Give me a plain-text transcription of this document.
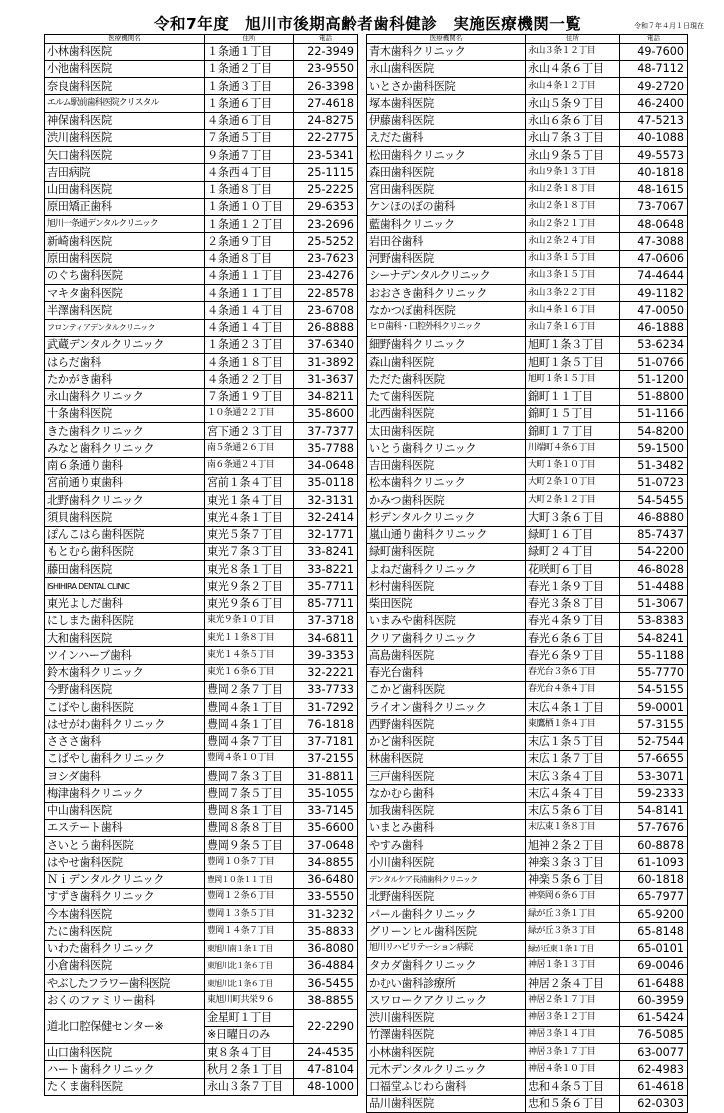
令和7年度　旭川市後期高齢者歯科健診　実施医療機関一覧	令和７年４月１日現在
医療機関名	住所	電話
小林歯科医院	１条通１丁目	22-3949
小池歯科医院	１条通２丁目	23-9550
奈良歯科医院	１条通３丁目	26-3398
エルム駅前歯科医院クリスタル	１条通６丁目	27-4618
神保歯科医院	４条通６丁目	24-8275
渋川歯科医院	７条通５丁目	22-2775
矢口歯科医院	９条通７丁目	23-5341
吉田病院	４条西４丁目	25-1115
山田歯科医院	１条通８丁目	25-2225
原田矯正歯科	１条通１０丁目	29-6353
旭川一条通デンタルクリニック	１条通１２丁目	23-2696
新崎歯科医院	２条通９丁目	25-5252
原田歯科医院	４条通８丁目	23-7623
のぐち歯科医院	４条通１１丁目	23-4276
マキタ歯科医院	４条通１１丁目	22-8578
半澤歯科医院	４条通１４丁目	23-6708
フロンティアデンタルクリニック	４条通１４丁目	26-8888
武蔵デンタルクリニック	１条通２３丁目	37-6340
はらだ歯科	４条通１８丁目	31-3892
たかがき歯科	４条通２２丁目	31-3637
永山歯科クリニック	７条通１９丁目	34-8211
十条歯科医院	１０条通２２丁目	35-8600
きた歯科クリニック	宮下通２３丁目	37-7377
みなと歯科クリニック	南５条通２６丁目	35-7788
南６条通り歯科	南６条通２４丁目	34-0648
宮前通り東歯科	宮前１条４丁目	35-0118
北野歯科クリニック	東光１条４丁目	32-3131
須貝歯科医院	東光４条１丁目	32-2414
ぽんこはら歯科医院	東光５条７丁目	32-1771
もとむら歯科医院	東光７条３丁目	33-8241
藤田歯科医院	東光８条１丁目	33-8221
ISHIHIRA DENTAL CLINIC	東光９条２丁目	35-7711
東光よしだ歯科	東光９条６丁目	85-7711
にしまた歯科医院	東光９条１０丁目	37-3718
大和歯科医院	東光１１条８丁目	34-6811
ツインハーブ歯科	東光１４条５丁目	39-3353
鈴木歯科クリニック	東光１６条６丁目	32-2221
今野歯科医院	豊岡２条７丁目	33-7733
こばやし歯科医院	豊岡４条１丁目	31-7292
はせがわ歯科クリニック	豊岡４条１丁目	76-1818
さささ歯科	豊岡４条７丁目	37-7181
こばやし歯科クリニック	豊岡４条１０丁目	37-2155
ヨシダ歯科	豊岡７条３丁目	31-8811
梅津歯科クリニック	豊岡７条５丁目	35-1055
中山歯科医院	豊岡８条１丁目	33-7145
エステート歯科	豊岡８条８丁目	35-6600
さいとう歯科医院	豊岡９条５丁目	37-0648
はやせ歯科医院	豊岡１０条７丁目	34-8855
Ｎｉデンタルクリニック	豊岡１０条１１丁目	36-6480
すずき歯科クリニック	豊岡１２条６丁目	33-5550
今本歯科医院	豊岡１３条５丁目	31-3232
たに歯科医院	豊岡１４条７丁目	35-8833
いわた歯科クリニック	東旭川南１条１丁目	36-8080
小倉歯科医院	東旭川北１条６丁目	36-4884
やぶしたフラワー歯科医院	東旭川北１条６丁目	36-5455
おくのファミリー歯科	東旭川町共栄９６	38-8855
道北口腔保健センター※	金星町１丁目	22-2290
	※日曜日のみ	
山口歯科医院	東８条４丁目	24-4535
ハート歯科クリニック	秋月２条１丁目	47-8104
たくま歯科医院	永山３条７丁目	48-1000
医療機関名	住所	電話
青木歯科クリニック	永山３条１２丁目	49-7600
永山歯科医院	永山４条６丁目	48-7112
いとさか歯科医院	永山４条１２丁目	49-2720
塚本歯科医院	永山５条９丁目	46-2400
伊藤歯科医院	永山６条６丁目	47-5213
えだた歯科	永山７条３丁目	40-1088
松田歯科クリニック	永山９条５丁目	49-5573
森田歯科医院	永山９条１３丁目	40-1818
宮田歯科医院	永山２条１８丁目	48-1615
ケンほのぼの歯科	永山２条１８丁目	73-7067
藍歯科クリニック	永山２条２１丁目	48-0648
岩田谷歯科	永山２条２４丁目	47-3088
河野歯科医院	永山３条１５丁目	47-0606
シーナデンタルクリニック	永山３条１５丁目	74-4644
おおさき歯科クリニック	永山３条２２丁目	49-1182
なかつぼ歯科医院	永山４条１６丁目	47-0050
ヒロ歯科・口腔外科クリニック	永山７条１６丁目	46-1888
細野歯科クリニック	旭町１条３丁目	53-6234
森山歯科医院	旭町１条５丁目	51-0766
ただた歯科医院	旭町１条１５丁目	51-1200
たて歯科医院	錦町１１丁目	51-8800
北西歯科医院	錦町１５丁目	51-1166
太田歯科医院	錦町１７丁目	54-8200
いとう歯科クリニック	川端町４条６丁目	59-1500
吉田歯科医院	大町１条１０丁目	51-3482
松本歯科クリニック	大町２条１０丁目	51-0723
かみつ歯科医院	大町２条１２丁目	54-5455
杉デンタルクリニック	大町３条６丁目	46-8880
嵐山通り歯科クリニック	緑町１６丁目	85-7437
緑町歯科医院	緑町２４丁目	54-2200
よねだ歯科クリニック	花咲町６丁目	46-8028
杉村歯科医院	春光１条９丁目	51-4488
柴田医院	春光３条８丁目	51-3067
いまみや歯科医院	春光４条９丁目	53-8383
クリア歯科クリニック	春光６条６丁目	54-8241
高島歯科医院	春光６条９丁目	55-1188
春光台歯科	春光台３条６丁目	55-7770
こかど歯科医院	春光台４条４丁目	54-5155
ライオン歯科クリニック	末広４条１丁目	59-0001
西野歯科医院	東鷹栖１条４丁目	57-3155
かど歯科医院	末広１条５丁目	52-7544
林歯科医院	末広１条７丁目	57-6655
三戸歯科医院	末広３条４丁目	53-3071
なかむら歯科	末広４条４丁目	59-2333
加我歯科医院	末広５条６丁目	54-8141
いまとみ歯科	末広東１条８丁目	57-7676
やすみ歯科	旭神２条２丁目	60-8878
小川歯科医院	神楽３条３丁目	61-1093
デンタルケア長浦歯科クリニック	神楽５条６丁目	60-1818
北野歯科医院	神楽岡６条６丁目	65-7977
パール歯科クリニック	緑が丘３条１丁目	65-9200
グリーンヒル歯科医院	緑が丘３条３丁目	65-8148
旭川リハビリテーション病院	緑が丘東１条１丁目	65-0101
タカダ歯科クリニック	神居１条１３丁目	69-0046
かむい歯科診療所	神居２条４丁目	61-6488
スワロークアクリニック	神居２条１７丁目	60-3959
渋川歯科医院	神居３条１２丁目	61-5424
竹澤歯科医院	神居３条１４丁目	76-5085
小林歯科医院	神居３条１７丁目	63-0077
元木デンタルクリニック	神居４条１０丁目	62-4983
口福堂ふじわら歯科	忠和４条５丁目	61-4618
品川歯科医院	忠和５条６丁目	62-0303
